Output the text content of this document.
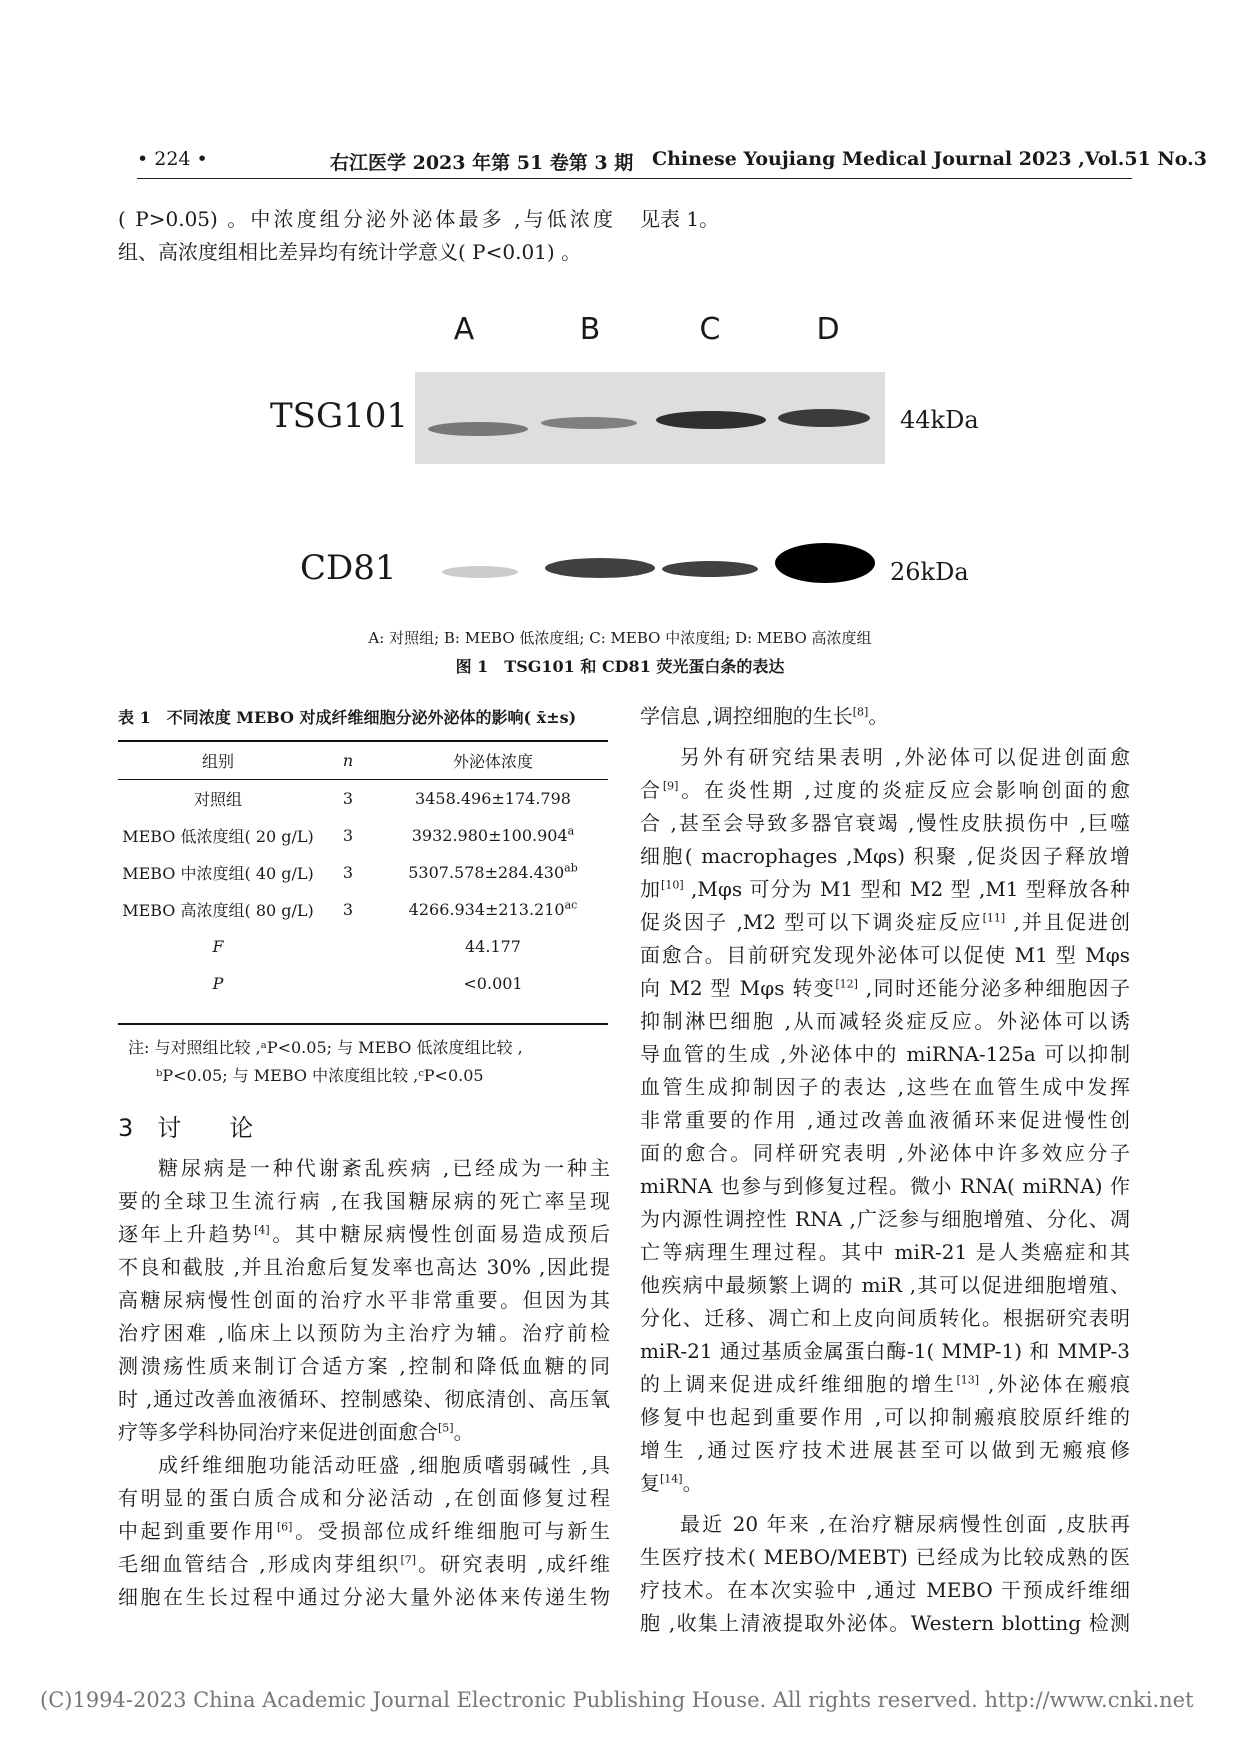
• 224 •	右江医学 2023 年第 51 卷第 3 期 Chinese Youjiang Medical Journal 2023 ,Vol.51 No.3
( P>0.05) 。中浓度组分泌外泌体最多 ,与低浓度
组、高浓度组相比差异均有统计学意义( P<0.01) 。
见表 1。
A	B	C	D
TSG101	44kDa
CD81	26kDa
A: 对照组; B: MEBO 低浓度组; C: MEBO 中浓度组; D: MEBO 高浓度组
图 1　TSG101 和 CD81 荧光蛋白条的表达
表 1　不同浓度 MEBO 对成纤维细胞分泌外泌体的影响( x̄±s)
组别	n	外泌体浓度
对照组	3	3458.496±174.798
MEBO 低浓度组( 20 g/L)	3	3932.980±100.904$^a$
MEBO 中浓度组( 40 g/L)	3	5307.578±284.430$^{ab}$
MEBO 高浓度组( 80 g/L)	3	4266.934±213.210$^{ac}$
F		44.177
P		<0.001
注: 与对照组比较 ,ᵃP<0.05; 与 MEBO 低浓度组比较 ,
ᵇP<0.05; 与 MEBO 中浓度组比较 ,ᶜP<0.05
3　讨　　论
糖尿病是一种代谢紊乱疾病 ,已经成为一种主
要的全球卫生流行病 ,在我国糖尿病的死亡率呈现
逐年上升趋势[4]。其中糖尿病慢性创面易造成预后
不良和截肢 ,并且治愈后复发率也高达 30% ,因此提
高糖尿病慢性创面的治疗水平非常重要。但因为其
治疗困难 ,临床上以预防为主治疗为辅。治疗前检
测溃疡性质来制订合适方案 ,控制和降低血糖的同
时 ,通过改善血液循环、控制感染、彻底清创、高压氧
疗等多学科协同治疗来促进创面愈合[5]。
成纤维细胞功能活动旺盛 ,细胞质嗜弱碱性 ,具
有明显的蛋白质合成和分泌活动 ,在创面修复过程
中起到重要作用[6]。受损部位成纤维细胞可与新生
毛细血管结合 ,形成肉芽组织[7]。研究表明 ,成纤维
细胞在生长过程中通过分泌大量外泌体来传递生物
学信息 ,调控细胞的生长[8]。
另外有研究结果表明 ,外泌体可以促进创面愈
合[9]。在炎性期 ,过度的炎症反应会影响创面的愈
合 ,甚至会导致多器官衰竭 ,慢性皮肤损伤中 ,巨噬
细胞( macrophages ,Mφs) 积聚 ,促炎因子释放增
加[10] ,Mφs 可分为 M1 型和 M2 型 ,M1 型释放各种
促炎因子 ,M2 型可以下调炎症反应[11] ,并且促进创
面愈合。目前研究发现外泌体可以促使 M1 型 Mφs
向 M2 型 Mφs 转变[12] ,同时还能分泌多种细胞因子
抑制淋巴细胞 ,从而减轻炎症反应。外泌体可以诱
导血管的生成 ,外泌体中的 miRNA-125a 可以抑制
血管生成抑制因子的表达 ,这些在血管生成中发挥
非常重要的作用 ,通过改善血液循环来促进慢性创
面的愈合。同样研究表明 ,外泌体中许多效应分子
miRNA 也参与到修复过程。微小 RNA( miRNA) 作
为内源性调控性 RNA ,广泛参与细胞增殖、分化、凋
亡等病理生理过程。其中 miR-21 是人类癌症和其
他疾病中最频繁上调的 miR ,其可以促进细胞增殖、
分化、迁移、凋亡和上皮向间质转化。根据研究表明
miR-21 通过基质金属蛋白酶-1( MMP-1) 和 MMP-3
的上调来促进成纤维细胞的增生[13] ,外泌体在瘢痕
修复中也起到重要作用 ,可以抑制瘢痕胶原纤维的
增生 ,通过医疗技术进展甚至可以做到无瘢痕修
复[14]。
最近 20 年来 ,在治疗糖尿病慢性创面 ,皮肤再
生医疗技术( MEBO/MEBT) 已经成为比较成熟的医
疗技术。在本次实验中 ,通过 MEBO 干预成纤维细
胞 ,收集上清液提取外泌体。Western blotting 检测
(C)1994-2023 China Academic Journal Electronic Publishing House. All rights reserved. http://www.cnki.net
